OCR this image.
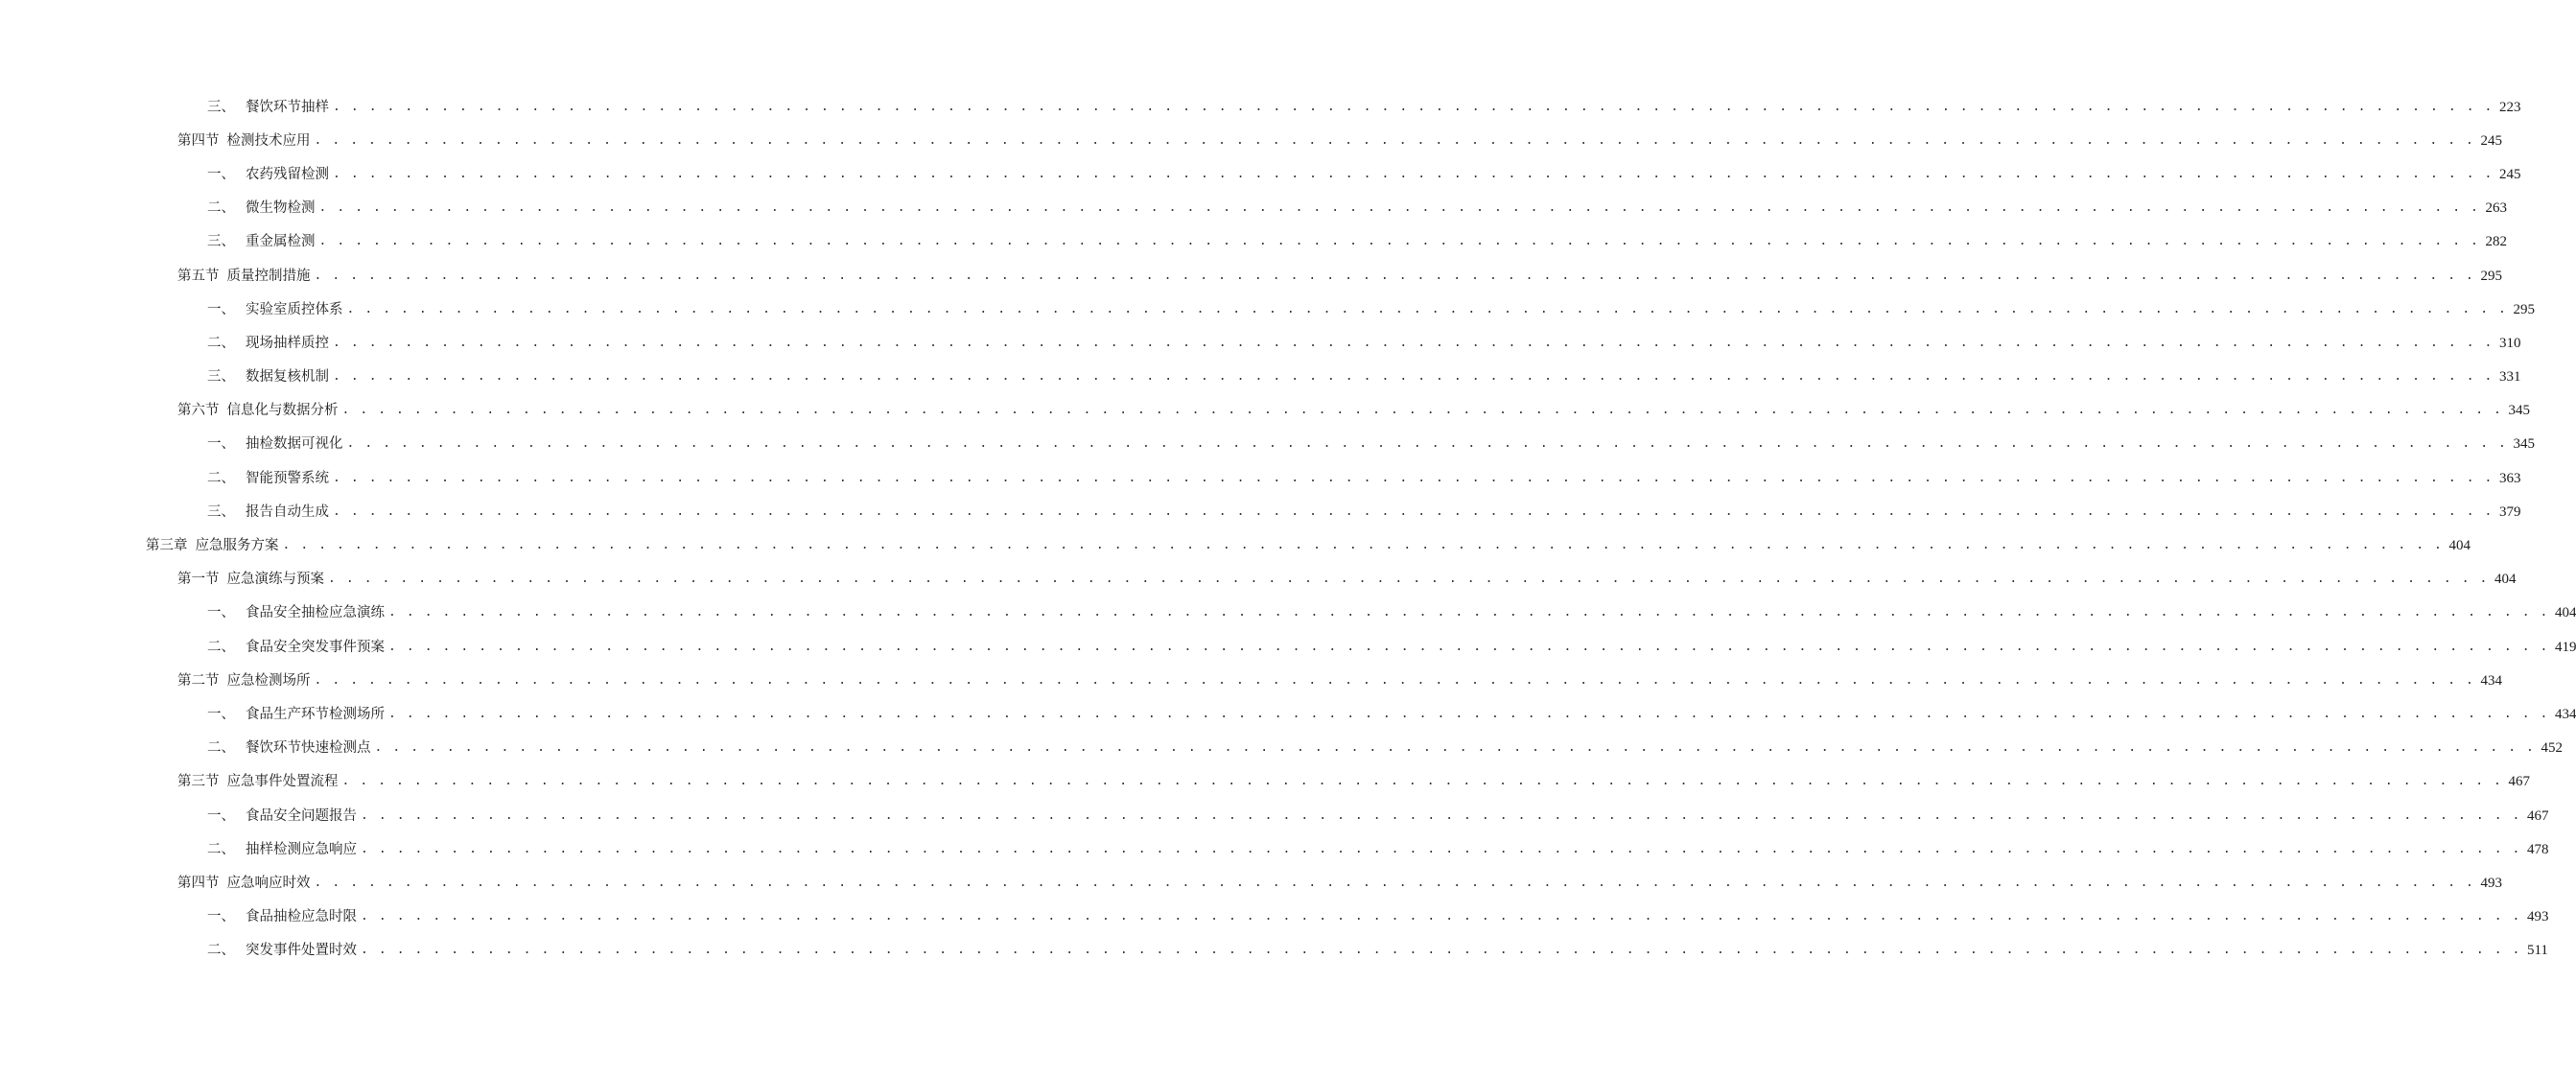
三、 餐饮环节抽样 . . . . . . . . . . . . . . . . . . . . . . . . . . . . . . . . . . . . . . . . . . . . . . . . . . . . . . . . . . . . . . . . . . . . . . . . . . . . . . . . . . . . . . . . . . . . . . . . . . . . . . . . . . . . . . . . . . . . . . . . 223
第四节 检测技术应用 . . . . . . . . . . . . . . . . . . . . . . . . . . . . . . . . . . . . . . . . . . . . . . . . . . . . . . . . . . . . . . . . . . . . . . . . . . . . . . . . . . . . . . . . . . . . . . . . . . . . . . . . . . . . . . . . . . . . . . . . 245
一、 农药残留检测 . . . . . . . . . . . . . . . . . . . . . . . . . . . . . . . . . . . . . . . . . . . . . . . . . . . . . . . . . . . . . . . . . . . . . . . . . . . . . . . . . . . . . . . . . . . . . . . . . . . . . . . . . . . . . . . . . . . . . . . . 245
二、 微生物检测 . . . . . . . . . . . . . . . . . . . . . . . . . . . . . . . . . . . . . . . . . . . . . . . . . . . . . . . . . . . . . . . . . . . . . . . . . . . . . . . . . . . . . . . . . . . . . . . . . . . . . . . . . . . . . . . . . . . . . . . . 263
三、 重金属检测 . . . . . . . . . . . . . . . . . . . . . . . . . . . . . . . . . . . . . . . . . . . . . . . . . . . . . . . . . . . . . . . . . . . . . . . . . . . . . . . . . . . . . . . . . . . . . . . . . . . . . . . . . . . . . . . . . . . . . . . . 282
第五节 质量控制措施 . . . . . . . . . . . . . . . . . . . . . . . . . . . . . . . . . . . . . . . . . . . . . . . . . . . . . . . . . . . . . . . . . . . . . . . . . . . . . . . . . . . . . . . . . . . . . . . . . . . . . . . . . . . . . . . . . . . . . . . . 295
一、 实验室质控体系 . . . . . . . . . . . . . . . . . . . . . . . . . . . . . . . . . . . . . . . . . . . . . . . . . . . . . . . . . . . . . . . . . . . . . . . . . . . . . . . . . . . . . . . . . . . . . . . . . . . . . . . . . . . . . . . . . . . . . . . . 295
二、 现场抽样质控 . . . . . . . . . . . . . . . . . . . . . . . . . . . . . . . . . . . . . . . . . . . . . . . . . . . . . . . . . . . . . . . . . . . . . . . . . . . . . . . . . . . . . . . . . . . . . . . . . . . . . . . . . . . . . . . . . . . . . . . . 310
三、 数据复核机制 . . . . . . . . . . . . . . . . . . . . . . . . . . . . . . . . . . . . . . . . . . . . . . . . . . . . . . . . . . . . . . . . . . . . . . . . . . . . . . . . . . . . . . . . . . . . . . . . . . . . . . . . . . . . . . . . . . . . . . . . 331
第六节 信息化与数据分析 . . . . . . . . . . . . . . . . . . . . . . . . . . . . . . . . . . . . . . . . . . . . . . . . . . . . . . . . . . . . . . . . . . . . . . . . . . . . . . . . . . . . . . . . . . . . . . . . . . . . . . . . . . . . . . . . . . . . . . . . 345
一、 抽检数据可视化 . . . . . . . . . . . . . . . . . . . . . . . . . . . . . . . . . . . . . . . . . . . . . . . . . . . . . . . . . . . . . . . . . . . . . . . . . . . . . . . . . . . . . . . . . . . . . . . . . . . . . . . . . . . . . . . . . . . . . . . . 345
二、 智能预警系统 . . . . . . . . . . . . . . . . . . . . . . . . . . . . . . . . . . . . . . . . . . . . . . . . . . . . . . . . . . . . . . . . . . . . . . . . . . . . . . . . . . . . . . . . . . . . . . . . . . . . . . . . . . . . . . . . . . . . . . . . 363
三、 报告自动生成 . . . . . . . . . . . . . . . . . . . . . . . . . . . . . . . . . . . . . . . . . . . . . . . . . . . . . . . . . . . . . . . . . . . . . . . . . . . . . . . . . . . . . . . . . . . . . . . . . . . . . . . . . . . . . . . . . . . . . . . . 379
第三章 应急服务方案 . . . . . . . . . . . . . . . . . . . . . . . . . . . . . . . . . . . . . . . . . . . . . . . . . . . . . . . . . . . . . . . . . . . . . . . . . . . . . . . . . . . . . . . . . . . . . . . . . . . . . . . . . . . . . . . . . . . . . . . . 404
第一节 应急演练与预案 . . . . . . . . . . . . . . . . . . . . . . . . . . . . . . . . . . . . . . . . . . . . . . . . . . . . . . . . . . . . . . . . . . . . . . . . . . . . . . . . . . . . . . . . . . . . . . . . . . . . . . . . . . . . . . . . . . . . . . . . 404
一、 食品安全抽检应急演练 . . . . . . . . . . . . . . . . . . . . . . . . . . . . . . . . . . . . . . . . . . . . . . . . . . . . . . . . . . . . . . . . . . . . . . . . . . . . . . . . . . . . . . . . . . . . . . . . . . . . . . . . . . . . . . . . . . . . . . . . 404
二、 食品安全突发事件预案 . . . . . . . . . . . . . . . . . . . . . . . . . . . . . . . . . . . . . . . . . . . . . . . . . . . . . . . . . . . . . . . . . . . . . . . . . . . . . . . . . . . . . . . . . . . . . . . . . . . . . . . . . . . . . . . . . . . . . . . . 419
第二节 应急检测场所 . . . . . . . . . . . . . . . . . . . . . . . . . . . . . . . . . . . . . . . . . . . . . . . . . . . . . . . . . . . . . . . . . . . . . . . . . . . . . . . . . . . . . . . . . . . . . . . . . . . . . . . . . . . . . . . . . . . . . . . . 434
一、 食品生产环节检测场所 . . . . . . . . . . . . . . . . . . . . . . . . . . . . . . . . . . . . . . . . . . . . . . . . . . . . . . . . . . . . . . . . . . . . . . . . . . . . . . . . . . . . . . . . . . . . . . . . . . . . . . . . . . . . . . . . . . . . . . . . 434
二、 餐饮环节快速检测点 . . . . . . . . . . . . . . . . . . . . . . . . . . . . . . . . . . . . . . . . . . . . . . . . . . . . . . . . . . . . . . . . . . . . . . . . . . . . . . . . . . . . . . . . . . . . . . . . . . . . . . . . . . . . . . . . . . . . . . . . 452
第三节 应急事件处置流程 . . . . . . . . . . . . . . . . . . . . . . . . . . . . . . . . . . . . . . . . . . . . . . . . . . . . . . . . . . . . . . . . . . . . . . . . . . . . . . . . . . . . . . . . . . . . . . . . . . . . . . . . . . . . . . . . . . . . . . . . 467
一、 食品安全问题报告 . . . . . . . . . . . . . . . . . . . . . . . . . . . . . . . . . . . . . . . . . . . . . . . . . . . . . . . . . . . . . . . . . . . . . . . . . . . . . . . . . . . . . . . . . . . . . . . . . . . . . . . . . . . . . . . . . . . . . . . . 467
二、 抽样检测应急响应 . . . . . . . . . . . . . . . . . . . . . . . . . . . . . . . . . . . . . . . . . . . . . . . . . . . . . . . . . . . . . . . . . . . . . . . . . . . . . . . . . . . . . . . . . . . . . . . . . . . . . . . . . . . . . . . . . . . . . . . . 478
第四节 应急响应时效 . . . . . . . . . . . . . . . . . . . . . . . . . . . . . . . . . . . . . . . . . . . . . . . . . . . . . . . . . . . . . . . . . . . . . . . . . . . . . . . . . . . . . . . . . . . . . . . . . . . . . . . . . . . . . . . . . . . . . . . . 493
一、 食品抽检应急时限 . . . . . . . . . . . . . . . . . . . . . . . . . . . . . . . . . . . . . . . . . . . . . . . . . . . . . . . . . . . . . . . . . . . . . . . . . . . . . . . . . . . . . . . . . . . . . . . . . . . . . . . . . . . . . . . . . . . . . . . . 493
二、 突发事件处置时效 . . . . . . . . . . . . . . . . . . . . . . . . . . . . . . . . . . . . . . . . . . . . . . . . . . . . . . . . . . . . . . . . . . . . . . . . . . . . . . . . . . . . . . . . . . . . . . . . . . . . . . . . . . . . . . . . . . . . . . . . 511
